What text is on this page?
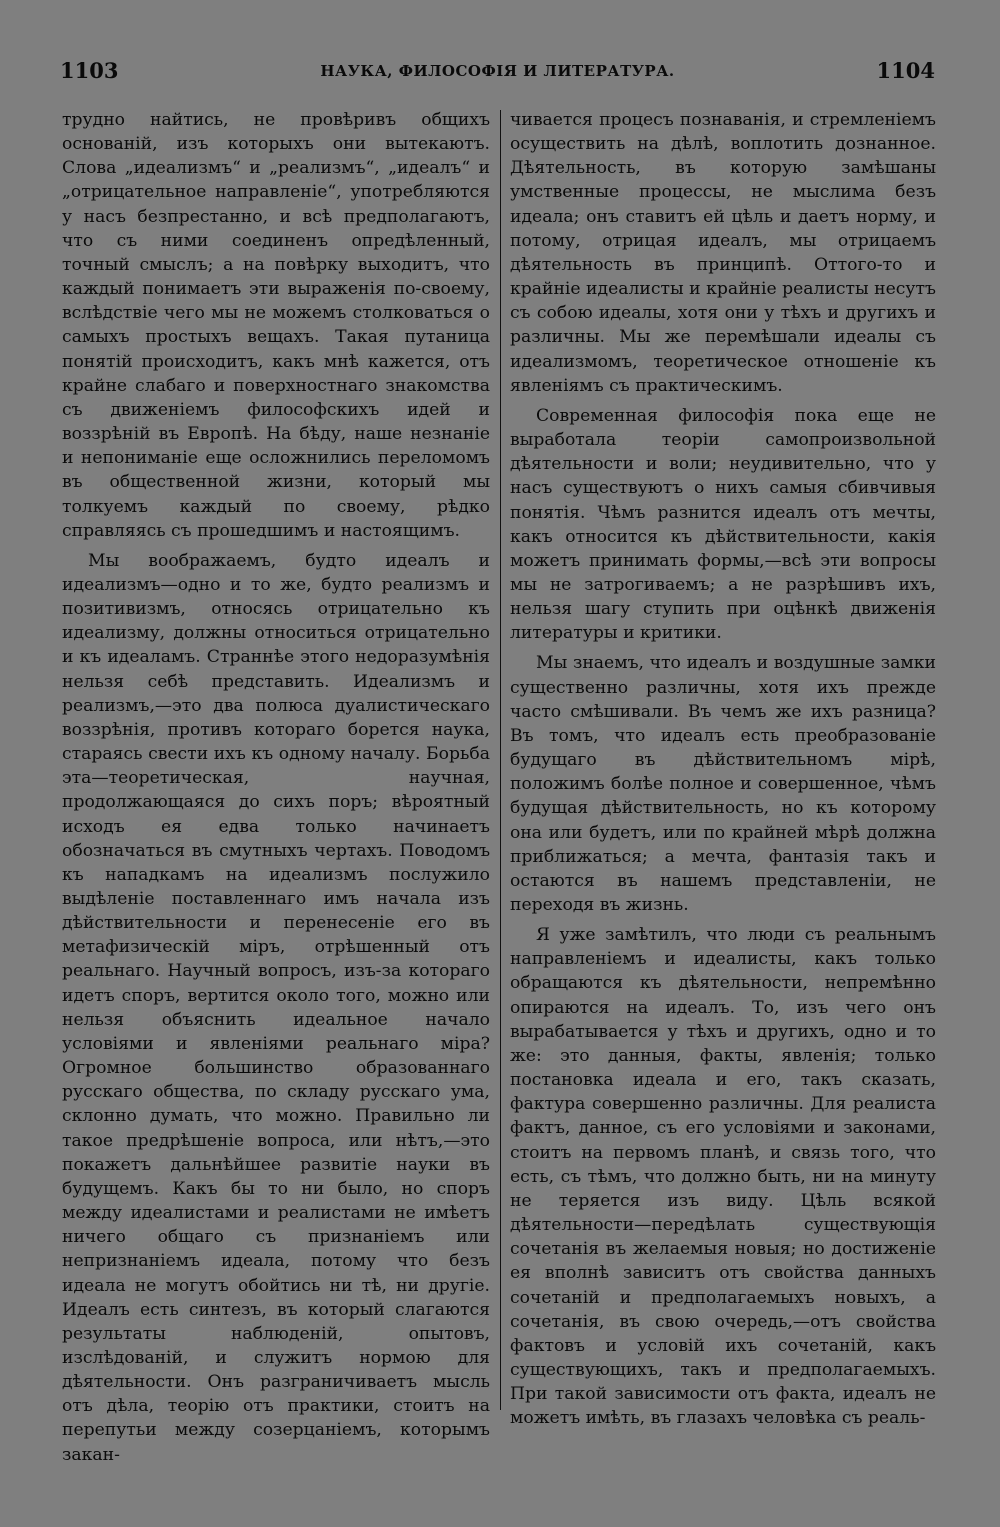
1103	НАУКА, ФИЛОСОФІЯ И ЛИТЕРАТУРА.	1104

трудно найтись, не провѣривъ общихъ основаній, изъ которыхъ они вытекаютъ. Слова „идеализмъ“ и „реализмъ“, „идеалъ“ и „отрицательное направленіе“, употребляются у насъ безпрестанно, и всѣ предполагаютъ, что съ ними соединенъ опредѣленный, точный смыслъ; а на повѣрку выходитъ, что каждый понимаетъ эти выраженія по-своему, вслѣдствіе чего мы не можемъ столковаться о самыхъ простыхъ вещахъ. Такая путаница понятій происходитъ, какъ мнѣ кажется, отъ крайне слабаго и поверхностнаго знакомства съ движеніемъ философскихъ идей и воззрѣній въ Европѣ. На бѣду, наше незнаніе и непониманіе еще осложнились переломомъ въ общественной жизни, который мы толкуемъ каждый по своему, рѣдко справляясь съ прошедшимъ и настоящимъ.

Мы воображаемъ, будто идеалъ и идеализмъ—одно и то же, будто реализмъ и позитивизмъ, относясь отрицательно къ идеализму, должны относиться отрицательно и къ идеаламъ. Страннѣе этого недоразумѣнія нельзя себѣ представить. Идеализмъ и реализмъ,—это два полюса дуалистическаго воззрѣнія, противъ котораго борется наука, стараясь свести ихъ къ одному началу. Борьба эта—теоретическая, научная, продолжающаяся до сихъ поръ; вѣроятный исходъ ея едва только начинаетъ обозначаться въ смутныхъ чертахъ. Поводомъ къ нападкамъ на идеализмъ послужило выдѣленіе поставленнаго имъ начала изъ дѣйствительности и перенесеніе его въ метафизическій міръ, отрѣшенный отъ реальнаго. Научный вопросъ, изъ-за котораго идетъ споръ, вертится около того, можно или нельзя объяснить идеальное начало условіями и явленіями реальнаго міра? Огромное большинство образованнаго русскаго общества, по складу русскаго ума, склонно думать, что можно. Правильно ли такое предрѣшеніе вопроса, или нѣтъ,—это покажетъ дальнѣйшее развитіе науки въ будущемъ. Какъ бы то ни было, но споръ между идеалистами и реалистами не имѣетъ ничего общаго съ признаніемъ или непризнаніемъ идеала, потому что безъ идеала не могутъ обойтись ни тѣ, ни другіе. Идеалъ есть синтезъ, въ который слагаются результаты наблюденій, опытовъ, изслѣдованій, и служитъ нормою для дѣятельности. Онъ разграничиваетъ мысль отъ дѣла, теорію отъ практики, стоитъ на перепутьи между созерцаніемъ, которымъ закан-

чивается процесъ познаванія, и стремленіемъ осуществить на дѣлѣ, воплотить дознанное. Дѣятельность, въ которую замѣшаны умственные процессы, не мыслима безъ идеала; онъ ставитъ ей цѣль и даетъ норму, и потому, отрицая идеалъ, мы отрицаемъ дѣятельность въ принципѣ. Оттого-то и крайніе идеалисты и крайніе реалисты несутъ съ собою идеалы, хотя они у тѣхъ и другихъ и различны. Мы же перемѣшали идеалы съ идеализмомъ, теоретическое отношеніе къ явленіямъ съ практическимъ.

Современная философія пока еще не выработала теоріи самопроизвольной дѣятельности и воли; неудивительно, что у насъ существуютъ о нихъ самыя сбивчивыя понятія. Чѣмъ разнится идеалъ отъ мечты, какъ относится къ дѣйствительности, какія можетъ принимать формы,—всѣ эти вопросы мы не затрогиваемъ; а не разрѣшивъ ихъ, нельзя шагу ступить при оцѣнкѣ движенія литературы и критики.

Мы знаемъ, что идеалъ и воздушные замки существенно различны, хотя ихъ прежде часто смѣшивали. Въ чемъ же ихъ разница? Въ томъ, что идеалъ есть преобразованіе будущаго въ дѣйствительномъ мірѣ, положимъ болѣе полное и совершенное, чѣмъ будущая дѣйствительность, но къ которому она или будетъ, или по крайней мѣрѣ должна приближаться; а мечта, фантазія такъ и остаются въ нашемъ представленіи, не переходя въ жизнь.

Я уже замѣтилъ, что люди съ реальнымъ направленіемъ и идеалисты, какъ только обращаются къ дѣятельности, непремѣнно опираются на идеалъ. То, изъ чего онъ вырабатывается у тѣхъ и другихъ, одно и то же: это данныя, факты, явленія; только постановка идеала и его, такъ сказать, фактура совершенно различны. Для реалиста фактъ, данное, съ его условіями и законами, стоитъ на первомъ планѣ, и связь того, что есть, съ тѣмъ, что должно быть, ни на минуту не теряется изъ виду. Цѣль всякой дѣятельности—передѣлать существующія сочетанія въ желаемыя новыя; но достиженіе ея вполнѣ зависитъ отъ свойства данныхъ сочетаній и предполагаемыхъ новыхъ, а сочетанія, въ свою очередь,—отъ свойства фактовъ и условій ихъ сочетаній, какъ существующихъ, такъ и предполагаемыхъ. При такой зависимости отъ факта, идеалъ не можетъ имѣть, въ глазахъ человѣка съ реаль-
